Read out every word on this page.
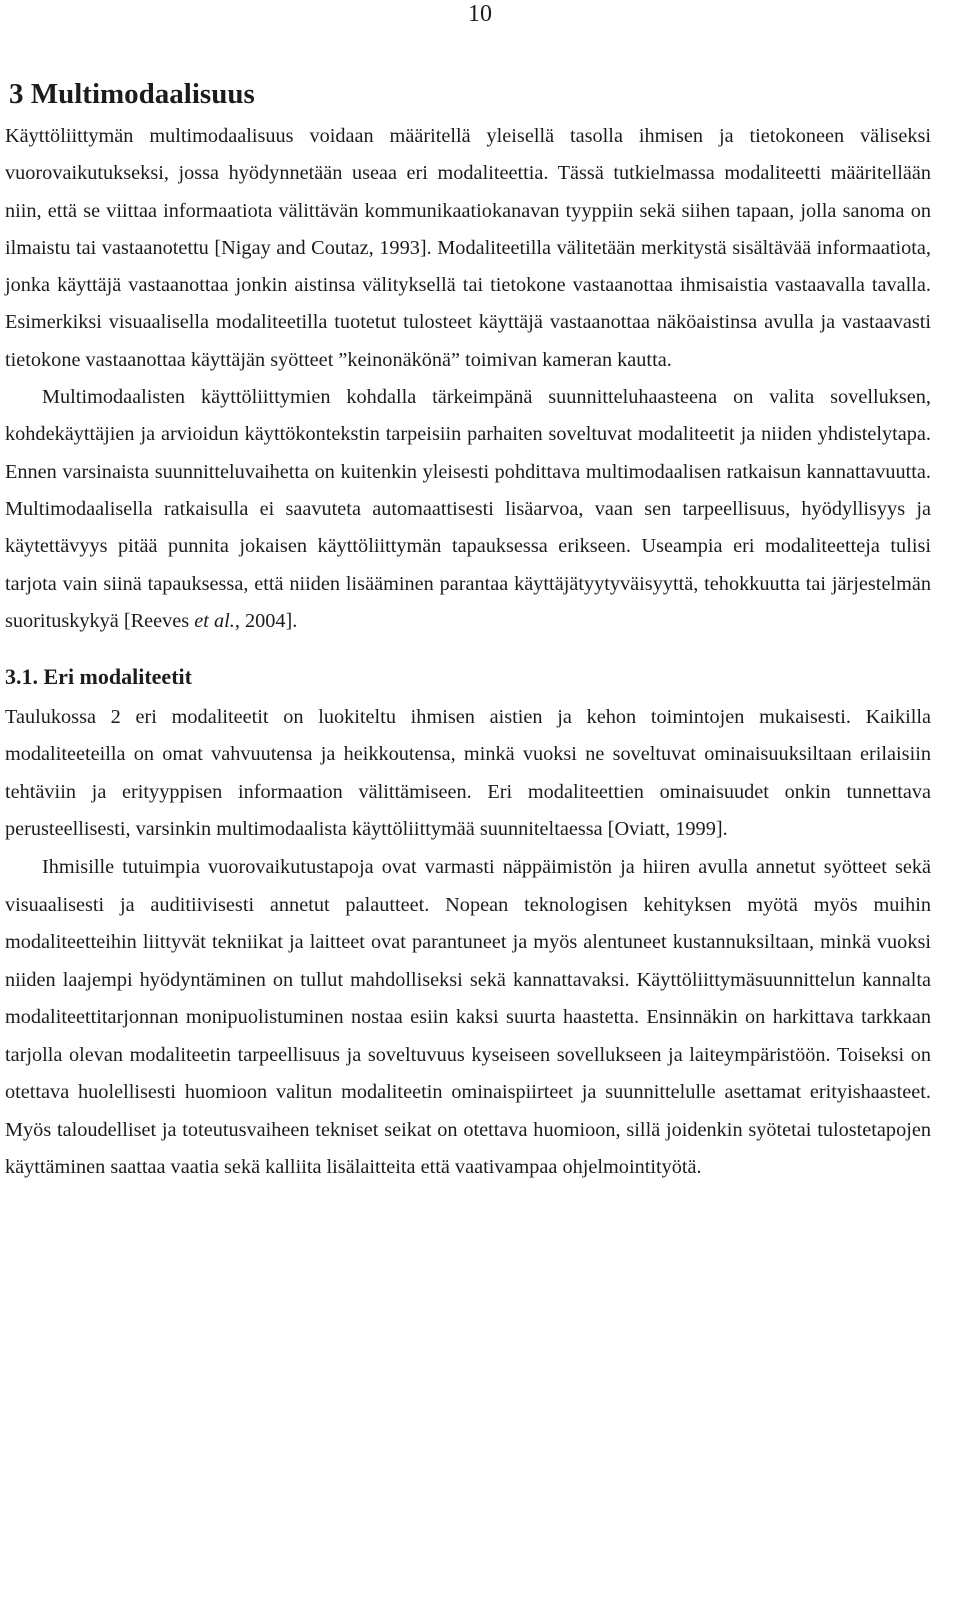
10
3 Multimodaalisuus

Käyttöliittymän multimodaalisuus voidaan määritellä yleisellä tasolla ihmisen ja tietokoneen väliseksi vuorovaikutukseksi, jossa hyödynnetään useaa eri modaliteettia. Tässä tutkielmassa modaliteetti määritellään niin, että se viittaa informaatiota välittävän kommunikaatiokanavan tyyppiin sekä siihen tapaan, jolla sanoma on ilmaistu tai vastaanotettu [Nigay and Coutaz, 1993]. Modaliteetilla välitetään merkitystä sisältävää informaatiota, jonka käyttäjä vastaanottaa jonkin aistinsa välityksellä tai tietokone vastaanottaa ihmisaistia vastaavalla tavalla. Esimerkiksi visuaalisella modaliteetilla tuotetut tulosteet käyttäjä vastaanottaa näköaistinsa avulla ja vastaavasti tietokone vastaanottaa käyttäjän syötteet ”keinonäkönä” toimivan kameran kautta.

Multimodaalisten käyttöliittymien kohdalla tärkeimpänä suunnitteluhaasteena on valita sovelluksen, kohdekäyttäjien ja arvioidun käyttökontekstin tarpeisiin parhaiten soveltuvat modaliteetit ja niiden yhdistelytapa. Ennen varsinaista suunnitteluvaihetta on kuitenkin yleisesti pohdittava multimodaalisen ratkaisun kannattavuutta. Multimodaalisella ratkaisulla ei saavuteta automaattisesti lisäarvoa, vaan sen tarpeellisuus, hyödyllisyys ja käytettävyys pitää punnita jokaisen käyttöliittymän tapauksessa erikseen. Useampia eri modaliteetteja tulisi tarjota vain siinä tapauksessa, että niiden lisääminen parantaa käyttäjätyytyväisyyttä, tehokkuutta tai järjestelmän suorituskykyä [Reeves et al., 2004].

3.1. Eri modaliteetit

Taulukossa 2 eri modaliteetit on luokiteltu ihmisen aistien ja kehon toimintojen mukaisesti. Kaikilla modaliteeteilla on omat vahvuutensa ja heikkoutensa, minkä vuoksi ne soveltuvat ominaisuuksiltaan erilaisiin tehtäviin ja erityyppisen informaation välittämiseen. Eri modaliteettien ominaisuudet onkin tunnettava perusteellisesti, varsinkin multimodaalista käyttöliittymää suunniteltaessa [Oviatt, 1999].

Ihmisille tutuimpia vuorovaikutustapoja ovat varmasti näppäimistön ja hiiren avulla annetut syötteet sekä visuaalisesti ja auditiivisesti annetut palautteet. Nopean teknologisen kehityksen myötä myös muihin modaliteetteihin liittyvät tekniikat ja laitteet ovat parantuneet ja myös alentuneet kustannuksiltaan, minkä vuoksi niiden laajempi hyödyntäminen on tullut mahdolliseksi sekä kannattavaksi. Käyttöliittymäsuunnittelun kannalta modaliteettitarjonnan monipuolistuminen nostaa esiin kaksi suurta haastetta. Ensinnäkin on harkittava tarkkaan tarjolla olevan modaliteetin tarpeellisuus ja soveltuvuus kyseiseen sovellukseen ja laiteympäristöön. Toiseksi on otettava huolellisesti huomioon valitun modaliteetin ominaispiirteet ja suunnittelulle asettamat erityishaasteet. Myös taloudelliset ja toteutusvaiheen tekniset seikat on otettava huomioon, sillä joidenkin syötetai tulostetapojen käyttäminen saattaa vaatia sekä kalliita lisälaitteita että vaativampaa ohjelmointityötä.
